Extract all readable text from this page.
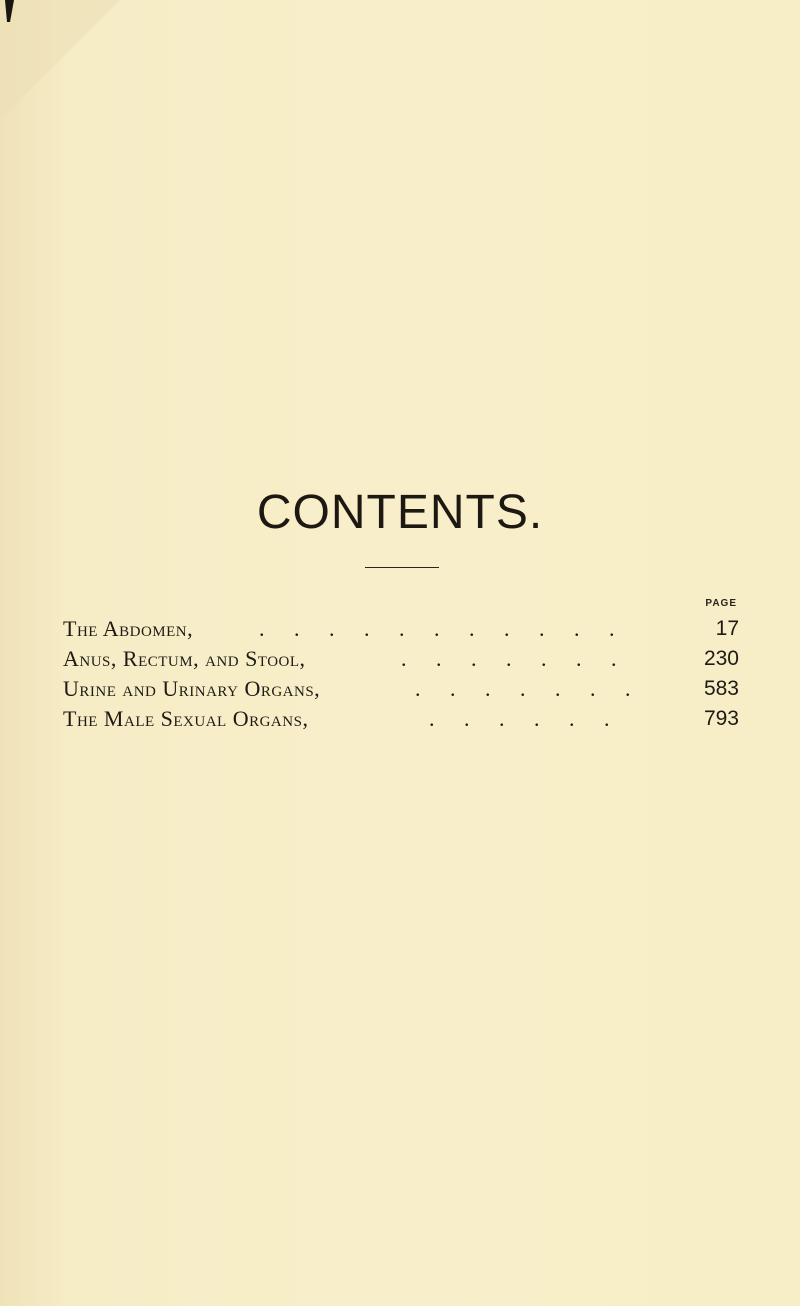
CONTENTS.
PAGE
The Abdomen,	. . . . . . . . . . .	17
Anus, Rectum, and Stool,	. . . . . . .	230
Urine and Urinary Organs,	. . . . . . .	583
The Male Sexual Organs,	. . . . . .	793
